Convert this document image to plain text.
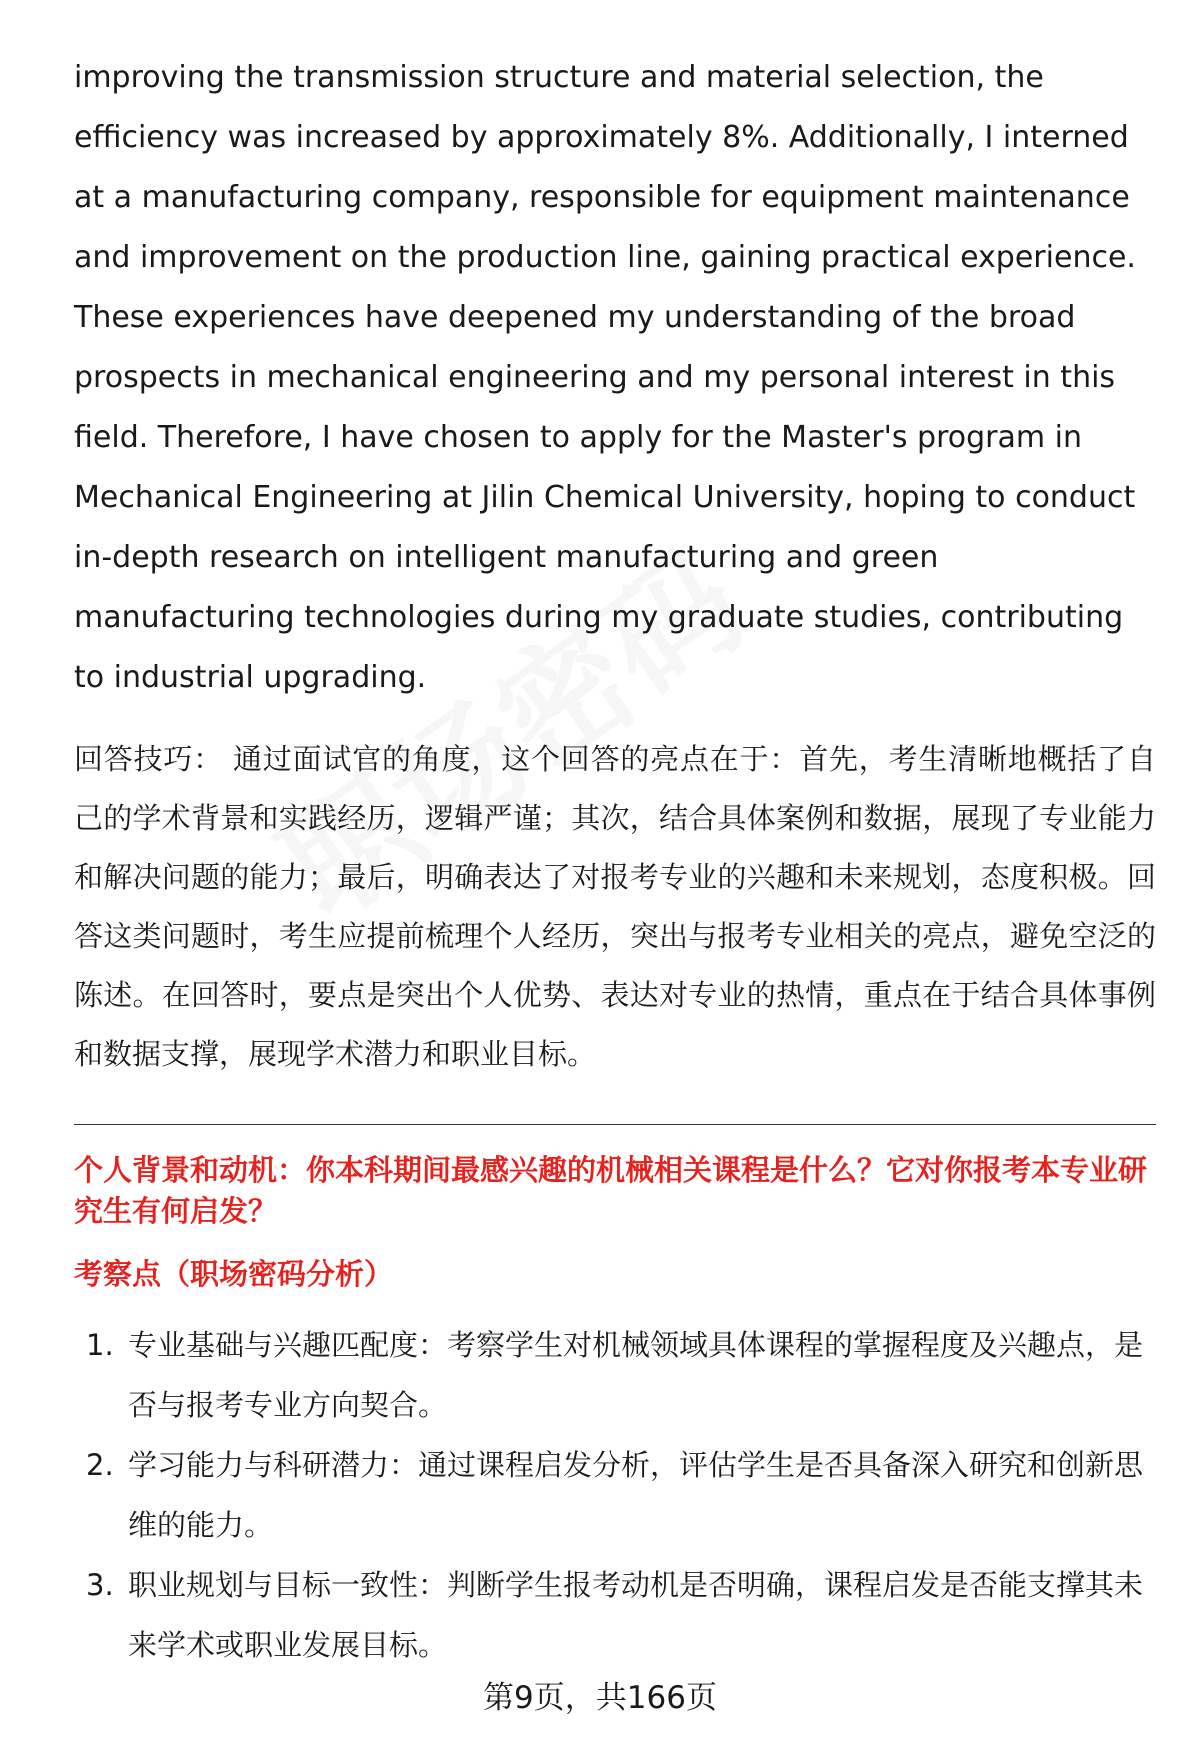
improving the transmission structure and material selection, the efficiency was increased by approximately 8%. Additionally, I interned at a manufacturing company, responsible for equipment maintenance and improvement on the production line, gaining practical experience. These experiences have deepened my understanding of the broad prospects in mechanical engineering and my personal interest in this field. Therefore, I have chosen to apply for the Master's program in Mechanical Engineering at Jilin Chemical University, hoping to conduct in-depth research on intelligent manufacturing and green manufacturing technologies during my graduate studies, contributing to industrial upgrading.

回答技巧： 通过面试官的角度，这个回答的亮点在于：首先，考生清晰地概括了自己的学术背景和实践经历，逻辑严谨；其次，结合具体案例和数据，展现了专业能力和解决问题的能力；最后，明确表达了对报考专业的兴趣和未来规划，态度积极。回答这类问题时，考生应提前梳理个人经历，突出与报考专业相关的亮点，避免空泛的陈述。在回答时，要点是突出个人优势、表达对专业的热情，重点在于结合具体事例和数据支撑，展现学术潜力和职业目标。

个人背景和动机：你本科期间最感兴趣的机械相关课程是什么？它对你报考本专业研究生有何启发？

考察点（职场密码分析）

1. 专业基础与兴趣匹配度：考察学生对机械领域具体课程的掌握程度及兴趣点，是否与报考专业方向契合。
2. 学习能力与科研潜力：通过课程启发分析，评估学生是否具备深入研究和创新思维的能力。
3. 职业规划与目标一致性：判断学生报考动机是否明确，课程启发是否能支撑其未来学术或职业发展目标。
第9页，共166页
